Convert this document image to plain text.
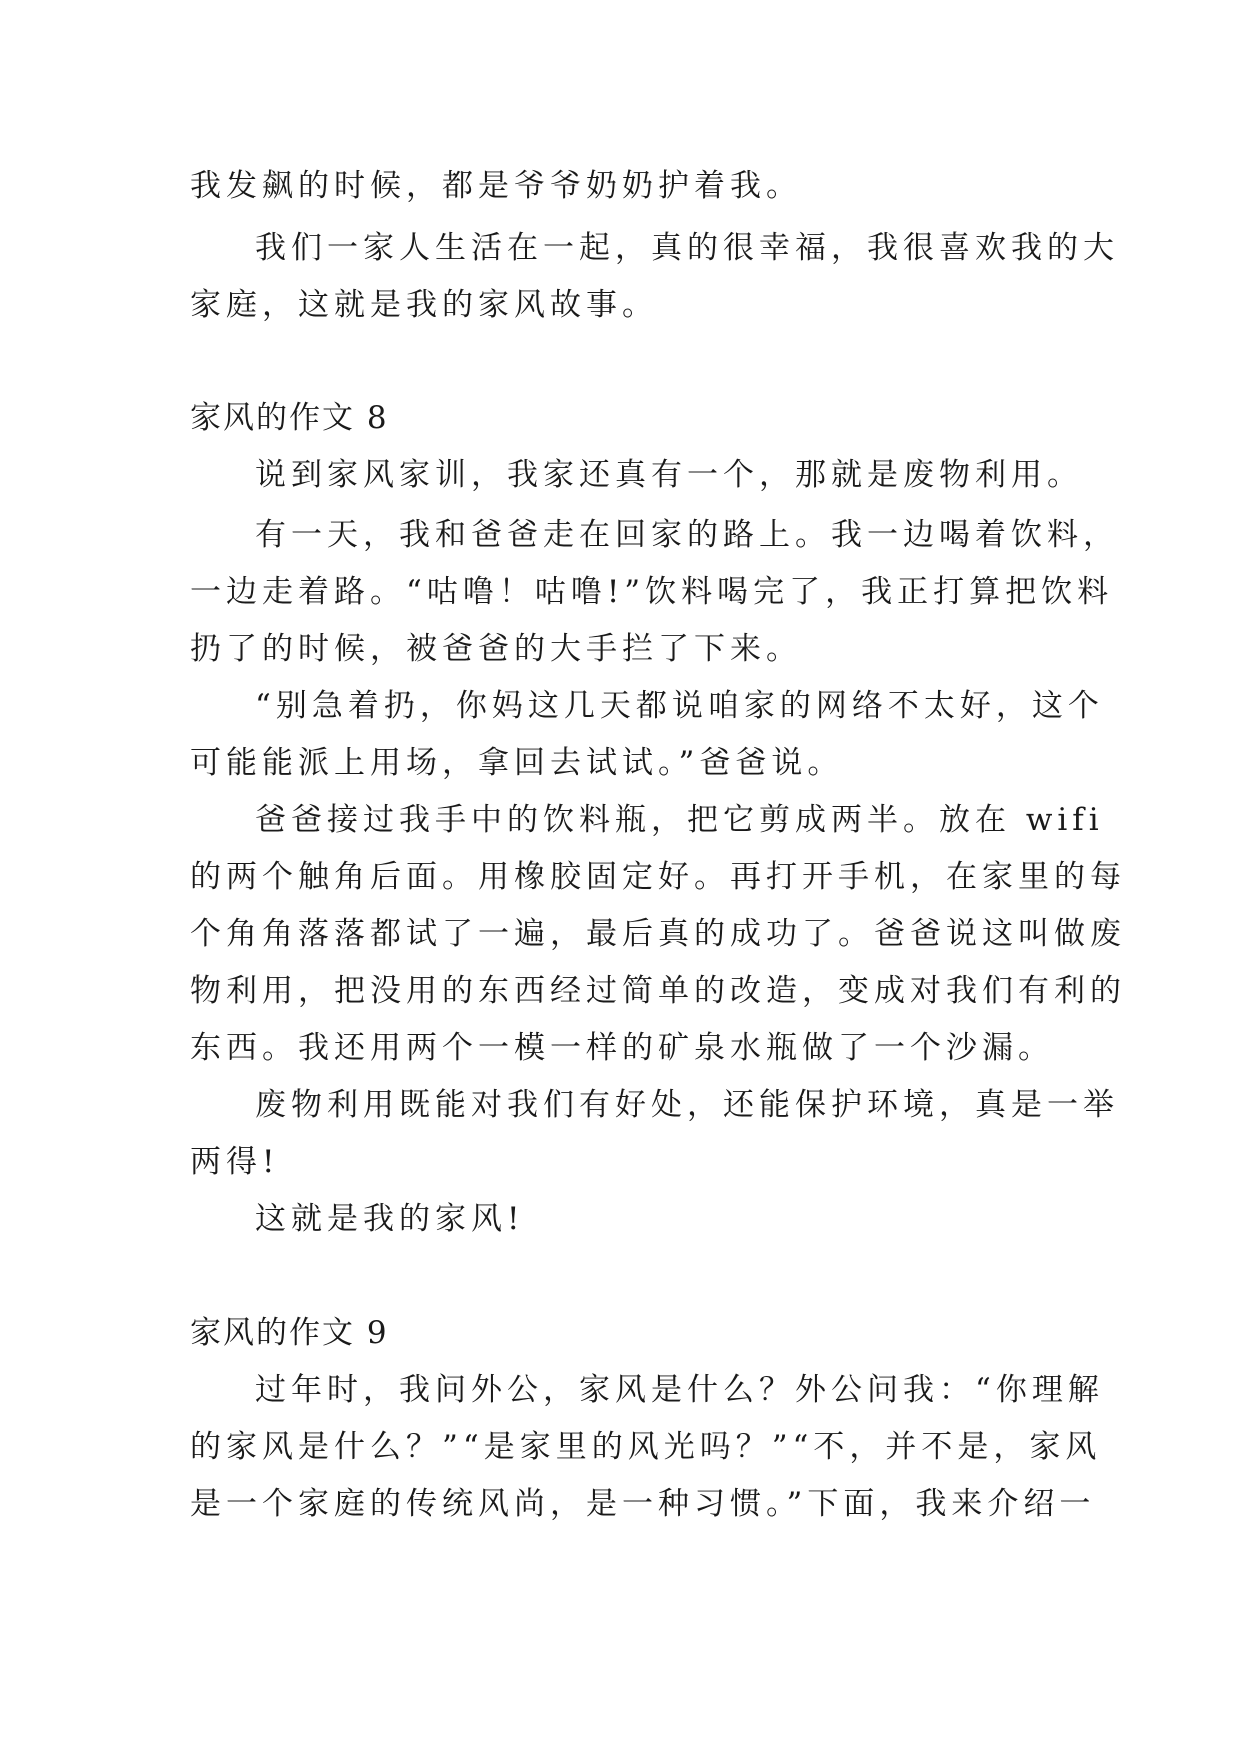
我发飙的时候，都是爷爷奶奶护着我。
我们一家人生活在一起，真的很幸福，我很喜欢我的大
家庭，这就是我的家风故事。
家风的作文 8
说到家风家训，我家还真有一个，那就是废物利用。
有一天，我和爸爸走在回家的路上。我一边喝着饮料，
一边走着路。“咕噜！咕噜!”饮料喝完了，我正打算把饮料
扔了的时候，被爸爸的大手拦了下来。
“别急着扔，你妈这几天都说咱家的网络不太好，这个
可能能派上用场，拿回去试试。”爸爸说。
爸爸接过我手中的饮料瓶，把它剪成两半。放在 wifi
的两个触角后面。用橡胶固定好。再打开手机，在家里的每
个角角落落都试了一遍，最后真的成功了。爸爸说这叫做废
物利用，把没用的东西经过简单的改造，变成对我们有利的
东西。我还用两个一模一样的矿泉水瓶做了一个沙漏。
废物利用既能对我们有好处，还能保护环境，真是一举
两得!
这就是我的家风!
家风的作文 9
过年时，我问外公，家风是什么？外公问我：“你理解
的家风是什么？”“是家里的风光吗？”“不，并不是，家风
是一个家庭的传统风尚，是一种习惯。”下面，我来介绍一
